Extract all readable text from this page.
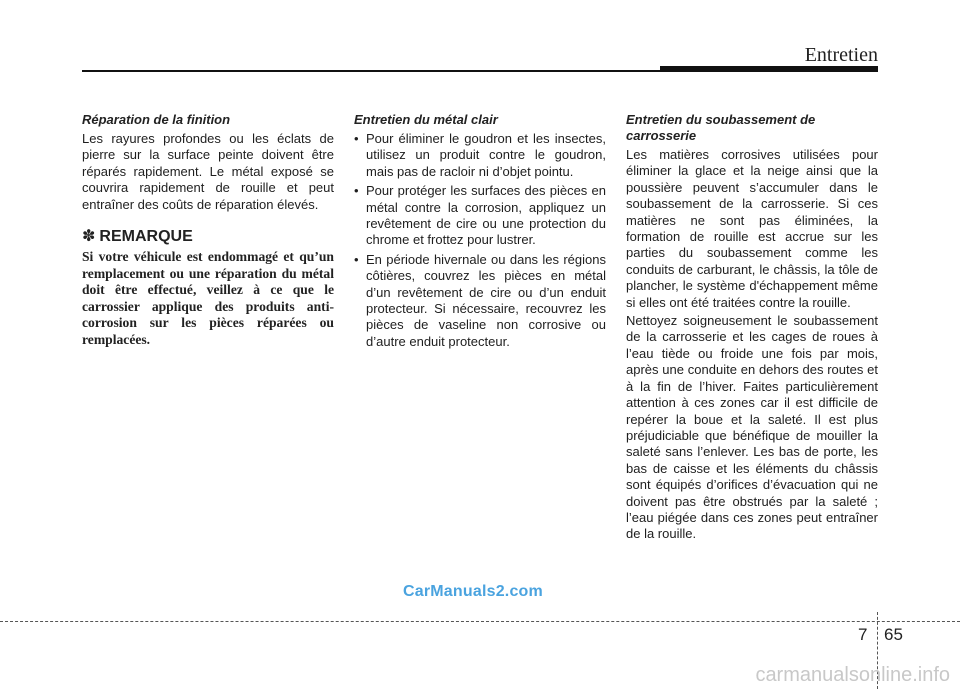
Entretien
Réparation de la finition

Les rayures profondes ou les éclats de pierre sur la surface peinte doivent être réparés rapidement. Le métal exposé se couvrira rapidement de rouille et peut entraîner des coûts de réparation élevés.

✽ REMARQUE

Si votre véhicule est endommagé et qu’un remplacement ou une réparation du métal doit être effectué, veillez à ce que le carrossier applique des produits anti-corrosion sur les pièces réparées ou remplacées.

Entretien du métal clair
• Pour éliminer le goudron et les insectes, utilisez un produit contre le goudron, mais pas de racloir ni d’objet pointu.
• Pour protéger les surfaces des pièces en métal contre la corrosion, appliquez un revêtement de cire ou une protection du chrome et frottez pour lustrer.
• En période hivernale ou dans les régions côtières, couvrez les pièces en métal d’un revêtement de cire ou d’un enduit protecteur. Si nécessaire, recouvrez les pièces de vaseline non corrosive ou d’autre enduit protecteur.
Entretien du soubassement de carrosserie

Les matières corrosives utilisées pour éliminer la glace et la neige ainsi que la poussière peuvent s’accumuler dans le soubassement de la carrosserie. Si ces matières ne sont pas éliminées, la formation de rouille est accrue sur les parties du soubassement comme les conduits de carburant, le châssis, la tôle de plancher, le système d'échappement même si elles ont été traitées contre la rouille.

Nettoyez soigneusement le soubassement de la carrosserie et les cages de roues à l’eau tiède ou froide une fois par mois, après une conduite en dehors des routes et à la fin de l’hiver. Faites particulièrement attention à ces zones car il est difficile de repérer la boue et la saleté. Il est plus préjudiciable que bénéfique de mouiller la saleté sans l’enlever. Les bas de porte, les bas de caisse et les éléments du châssis sont équipés d’orifices d’évacuation qui ne doivent pas être obstrués par la saleté ; l’eau piégée dans ces zones peut entraîner de la rouille.

CarManuals2.com
7 65
carmanualsonline.info
